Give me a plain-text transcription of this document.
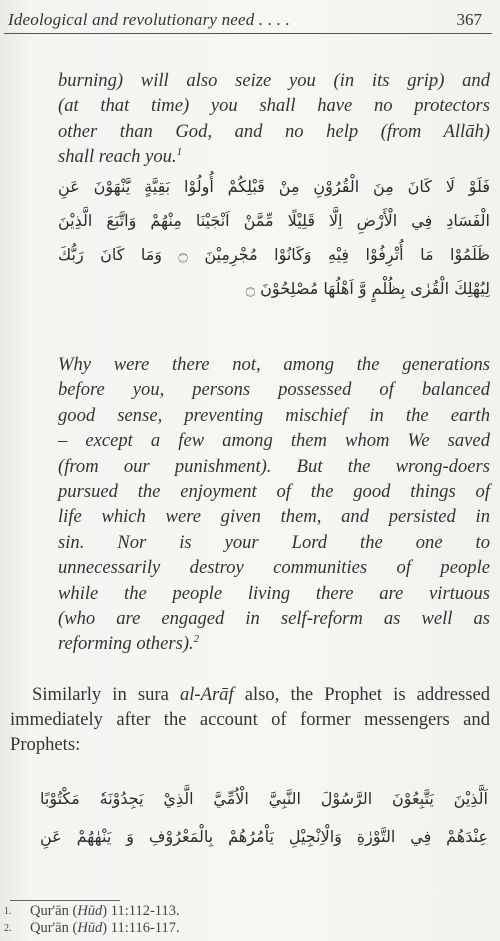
Ideological and revolutionary need . . . .	367
burning) will also seize you (in its grip) and
(at that time) you shall have no protectors
other than God, and no help (from Allāh)
shall reach you.$^1$
فَلَوْ لَا كَانَ مِنَ الْقُرُوْنِ مِنْ قَبْلِكُمْ أُولُوْا بَقِيَّةٍ يَّنْهَوْنَ عَنِ
الْفَسَادِ فِي الْأَرْضِ اِلَّا قَلِيْلًا مِّمَّنْ اَنْجَيْنَا مِنْهُمْ وَاتَّبَعَ الَّذِيْنَ
ظَلَمُوْا مَا أُتْرِفُوْا فِيْهِ وَكَانُوْا مُجْرِمِيْنَ ۝ وَمَا كَانَ رَبُّكَ
لِيُهْلِكَ الْقُرٰى بِظُلْمٍ وَّ اَهْلُهَا مُصْلِحُوْنَ ۝
Why were there not, among the generations
before you, persons possessed of balanced
good sense, preventing mischief in the earth
– except a few among them whom We saved
(from our punishment). But the wrong-doers
pursued the enjoyment of the good things of
life which were given them, and persisted in
sin. Nor is your Lord the one to
unnecessarily destroy communities of people
while the people living there are virtuous
(who are engaged in self-reform as well as
reforming others).$^2$
Similarly in sura al-Arāf also, the Prophet is addressed
immediately after the account of former messengers and
Prophets:
اَلَّذِيْنَ يَتَّبِعُوْنَ الرَّسُوْلَ النَّبِيَّ الْاُمِّيَّ الَّذِيْ يَجِدُوْنَهٗ مَكْتُوْبًا
عِنْدَهُمْ فِي التَّوْرٰةِ وَالْاِنْجِيْلِ يَاْمُرُهُمْ بِالْمَعْرُوْفِ وَ يَنْهٰهُمْ عَنِ
1. Qur'ān (Hūd) 11:112-113.
2. Qur'ān (Hūd) 11:116-117.
